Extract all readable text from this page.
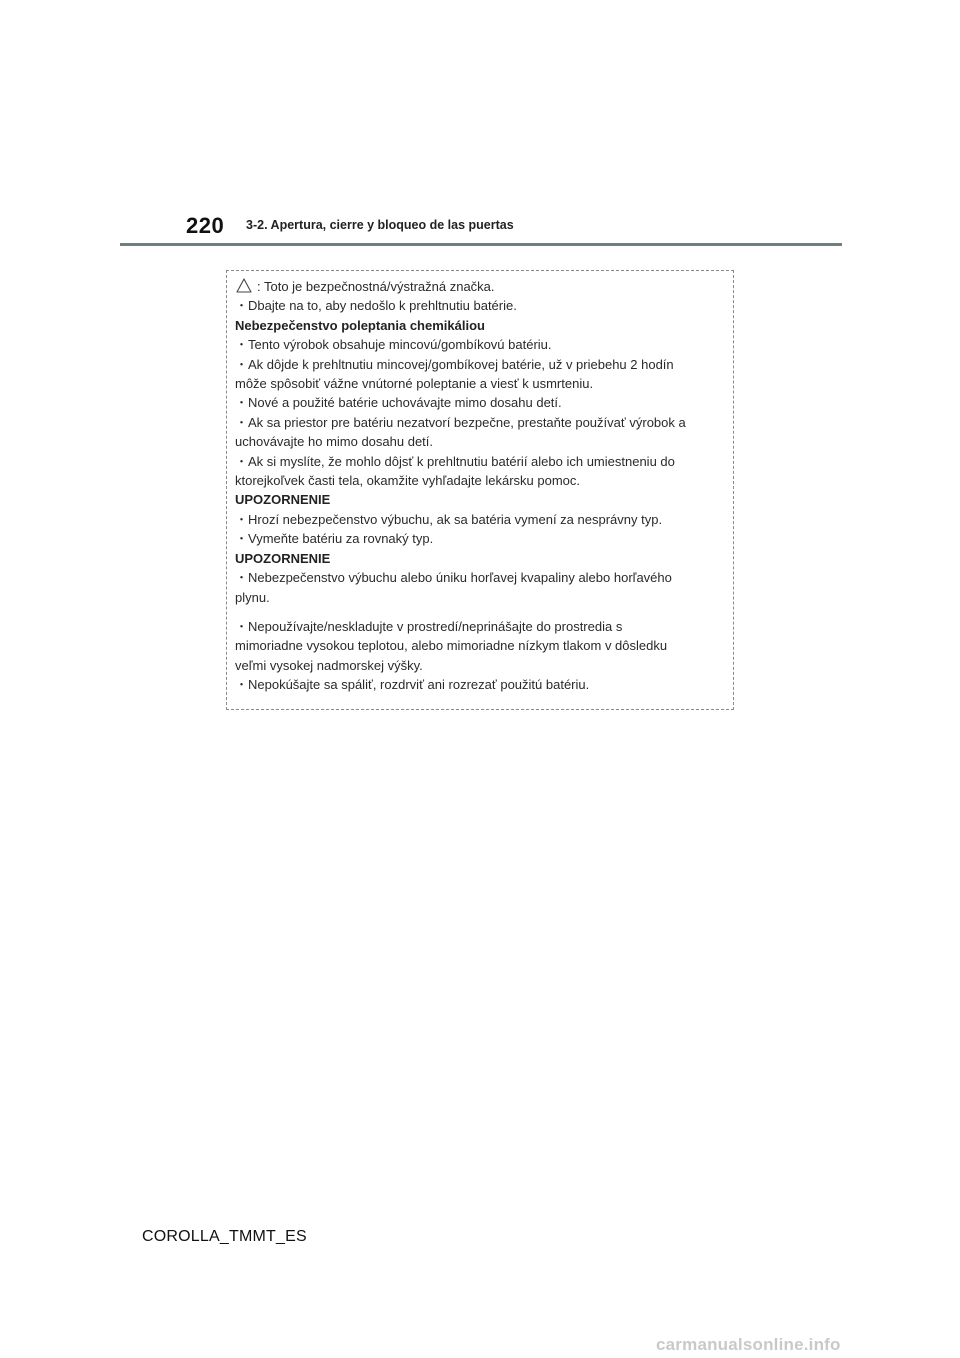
220 3-2. Apertura, cierre y bloqueo de las puertas
: Toto je bezpečnostná/výstražná značka.
・Dbajte na to, aby nedošlo k prehltnutiu batérie.
Nebezpečenstvo poleptania chemikáliou
・Tento výrobok obsahuje mincovú/gombíkovú batériu.
・Ak dôjde k prehltnutiu mincovej/gombíkovej batérie, už v priebehu 2 hodín
môže spôsobiť vážne vnútorné poleptanie a viesť k usmrteniu.
・Nové a použité batérie uchovávajte mimo dosahu detí.
・Ak sa priestor pre batériu nezatvorí bezpečne, prestaňte používať výrobok a
uchovávajte ho mimo dosahu detí.
・Ak si myslíte, že mohlo dôjsť k prehltnutiu batérií alebo ich umiestneniu do
ktorejkoľvek časti tela, okamžite vyhľadajte lekársku pomoc.
UPOZORNENIE
・Hrozí nebezpečenstvo výbuchu, ak sa batéria vymení za nesprávny typ.
・Vymeňte batériu za rovnaký typ.
UPOZORNENIE
・Nebezpečenstvo výbuchu alebo úniku horľavej kvapaliny alebo horľavého
plynu.
・Nepoužívajte/neskladujte v prostredí/neprinášajte do prostredia s
mimoriadne vysokou teplotou, alebo mimoriadne nízkym tlakom v dôsledku
veľmi vysokej nadmorskej výšky.
・Nepokúšajte sa spáliť, rozdrviť ani rozrezať použitú batériu.
COROLLA_TMMT_ES
carmanualsonline.info
